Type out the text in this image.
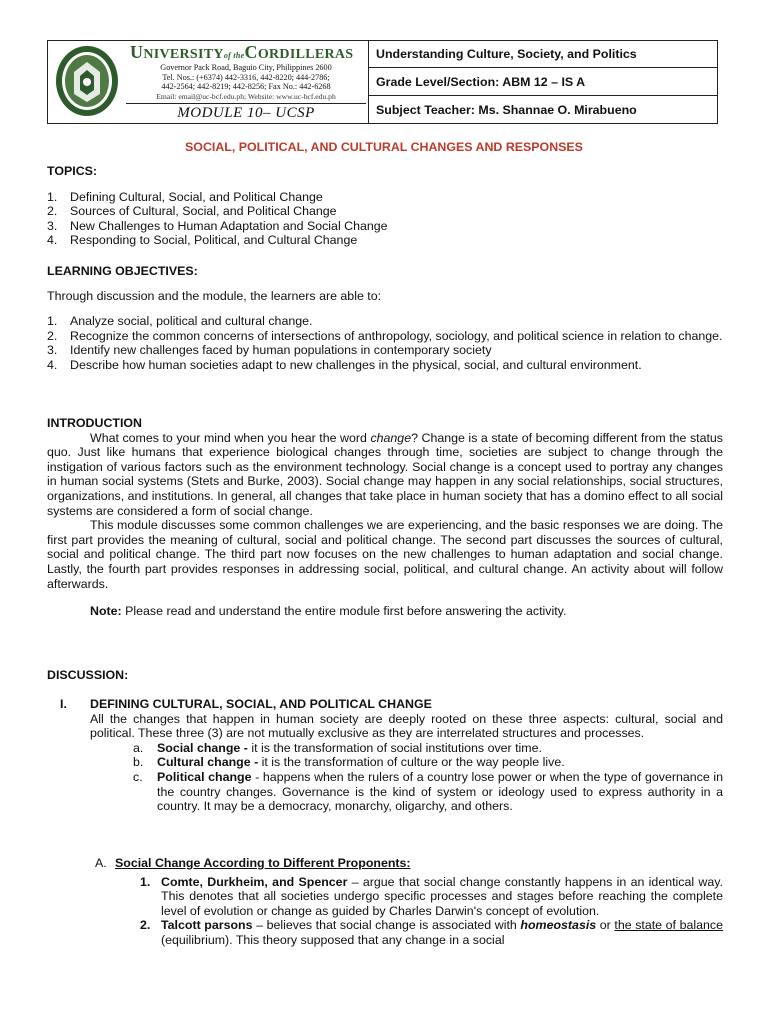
UNIVERSITYof theCORDILLERAS
Governor Pack Road, Baguio City, Philippines 2600
Tel. Nos.: (+6374) 442-3316, 442-8220; 444-2786;
442-2564; 442-8219; 442-8256; Fax No.: 442-6268
Email: email@uc-bcf.edu.ph; Website: www.uc-bcf.edu.ph
MODULE 10– UCSP
Understanding Culture, Society, and Politics
Grade Level/Section: ABM 12 – IS A
Subject Teacher: Ms. Shannae O. Mirabueno
SOCIAL, POLITICAL, AND CULTURAL CHANGES AND RESPONSES
TOPICS:
1. Defining Cultural, Social, and Political Change
2. Sources of Cultural, Social, and Political Change
3. New Challenges to Human Adaptation and Social Change
4. Responding to Social, Political, and Cultural Change
LEARNING OBJECTIVES:
Through discussion and the module, the learners are able to:
1. Analyze social, political and cultural change.
2. Recognize the common concerns of intersections of anthropology, sociology, and political science in relation to change.
3. Identify new challenges faced by human populations in contemporary society
4. Describe how human societies adapt to new challenges in the physical, social, and cultural environment.
INTRODUCTION
What comes to your mind when you hear the word change? Change is a state of becoming different from the status quo. Just like humans that experience biological changes through time, societies are subject to change through the instigation of various factors such as the environment technology. Social change is a concept used to portray any changes in human social systems (Stets and Burke, 2003). Social change may happen in any social relationships, social structures, organizations, and institutions. In general, all changes that take place in human society that has a domino effect to all social systems are considered a form of social change.
This module discusses some common challenges we are experiencing, and the basic responses we are doing. The first part provides the meaning of cultural, social and political change. The second part discusses the sources of cultural, social and political change. The third part now focuses on the new challenges to human adaptation and social change. Lastly, the fourth part provides responses in addressing social, political, and cultural change. An activity about will follow afterwards.
Note: Please read and understand the entire module first before answering the activity.
DISCUSSION:
I. DEFINING CULTURAL, SOCIAL, AND POLITICAL CHANGE
All the changes that happen in human society are deeply rooted on these three aspects: cultural, social and political. These three (3) are not mutually exclusive as they are interrelated structures and processes.
a. Social change - it is the transformation of social institutions over time.
b. Cultural change - it is the transformation of culture or the way people live.
c. Political change - happens when the rulers of a country lose power or when the type of governance in the country changes. Governance is the kind of system or ideology used to express authority in a country. It may be a democracy, monarchy, oligarchy, and others.
A. Social Change According to Different Proponents:
1. Comte, Durkheim, and Spencer – argue that social change constantly happens in an identical way. This denotes that all societies undergo specific processes and stages before reaching the complete level of evolution or change as guided by Charles Darwin's concept of evolution.
2. Talcott parsons – believes that social change is associated with homeostasis or the state of balance (equilibrium). This theory supposed that any change in a social
